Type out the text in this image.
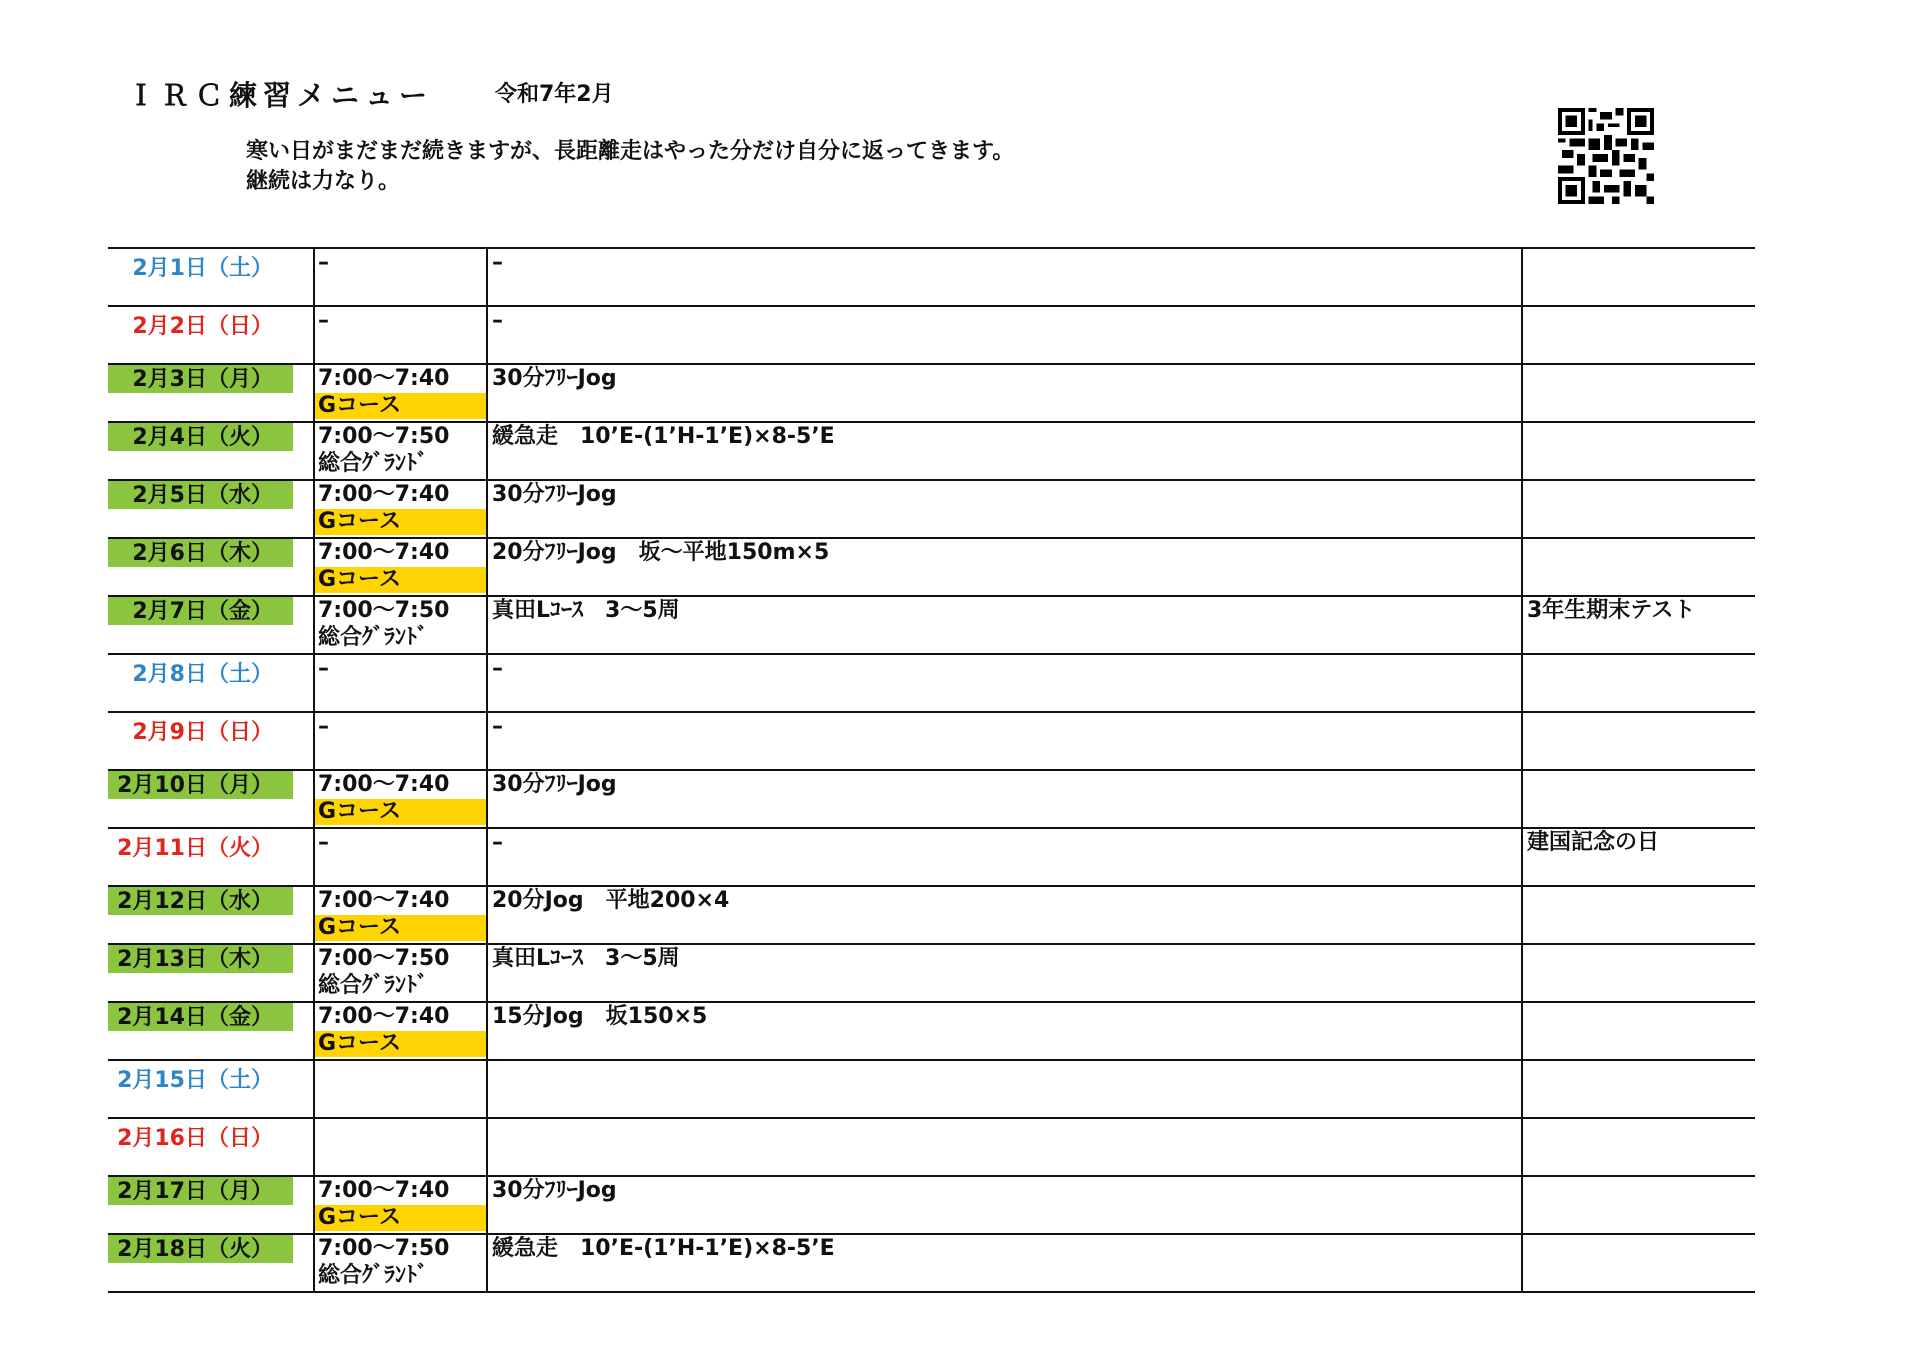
ＩＲＣ練習メニュー	令和7年2月
寒い日がまだまだ続きますが、長距離走はやった分だけ自分に返ってきます。
継続は力なり。
2月1日（土）	–	–	

2月2日（日）	–	–	

2月3日（月）	7:00～7:40
Gコース	30分ﾌﾘｰJog	

2月4日（火）	7:00～7:50
総合ｸﾞﾗﾝﾄﾞ	緩急走　10’E-(1’H-1’E)×8-5’E	

2月5日（水）	7:00～7:40
Gコース	30分ﾌﾘｰJog	

2月6日（木）	7:00～7:40
Gコース	20分ﾌﾘｰJog　坂～平地150m×5	

2月7日（金）	7:00～7:50
総合ｸﾞﾗﾝﾄﾞ	真田Lｺｰｽ　3～5周	3年生期末テスト

2月8日（土）	–	–	

2月9日（日）	–	–	

2月10日（月）	7:00～7:40
Gコース	30分ﾌﾘｰJog	

2月11日（火）	–	–	建国記念の日

2月12日（水）	7:00～7:40
Gコース	20分Jog　平地200×4	

2月13日（木）	7:00～7:50
総合ｸﾞﾗﾝﾄﾞ	真田Lｺｰｽ　3～5周	

2月14日（金）	7:00～7:40
Gコース	15分Jog　坂150×5	

2月15日（土）			

2月16日（日）			

2月17日（月）	7:00～7:40
Gコース	30分ﾌﾘｰJog	

2月18日（火）	7:00～7:50
総合ｸﾞﾗﾝﾄﾞ	緩急走　10’E-(1’H-1’E)×8-5’E	
